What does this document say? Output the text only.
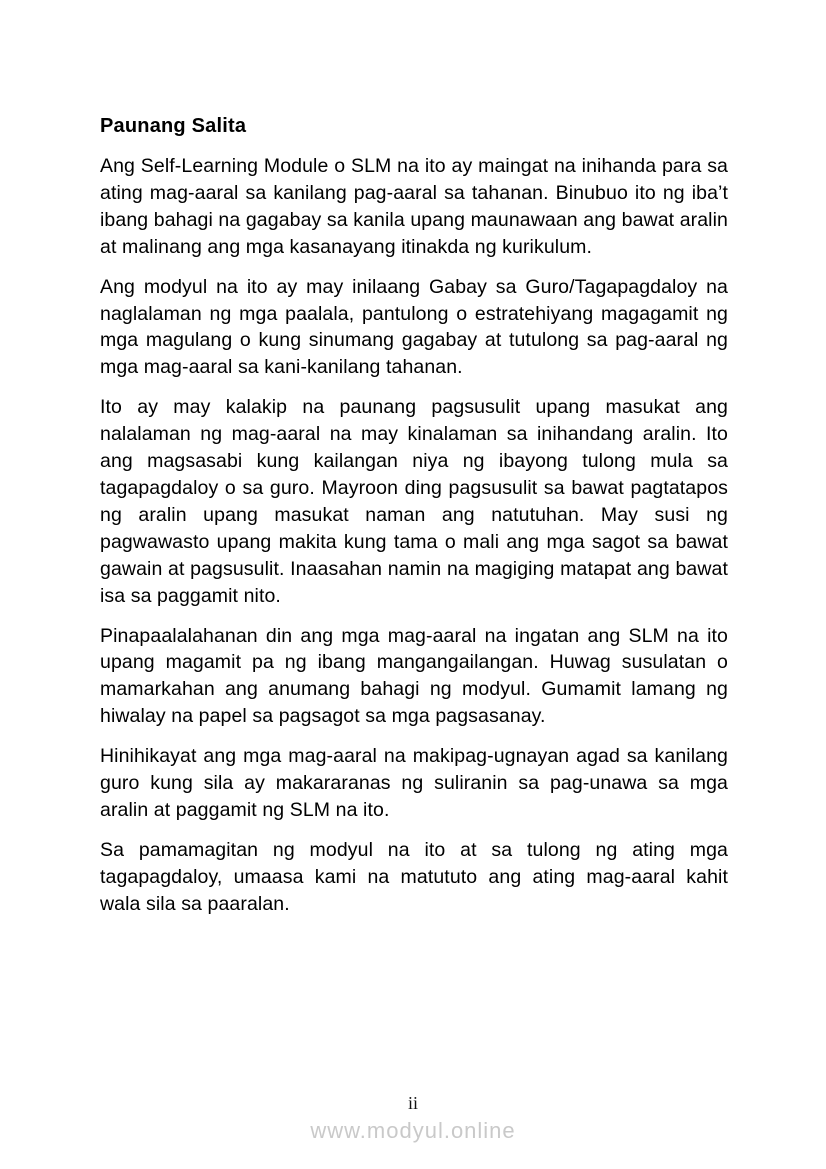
Paunang Salita

Ang Self-Learning Module o SLM na ito ay maingat na inihanda para sa ating mag-aaral sa kanilang pag-aaral sa tahanan. Binubuo ito ng iba’t ibang bahagi na gagabay sa kanila upang maunawaan ang bawat aralin at malinang ang mga kasanayang itinakda ng kurikulum.

Ang modyul na ito ay may inilaang Gabay sa Guro/Tagapagdaloy na naglalaman ng mga paalala, pantulong o estratehiyang magagamit ng mga magulang o kung sinumang gagabay at tutulong sa pag-aaral ng mga mag-aaral sa kani-kanilang tahanan.

Ito ay may kalakip na paunang pagsusulit upang masukat ang nalalaman ng mag-aaral na may kinalaman sa inihandang aralin. Ito ang magsasabi kung kailangan niya ng ibayong tulong mula sa tagapagdaloy o sa guro. Mayroon ding pagsusulit sa bawat pagtatapos ng aralin upang masukat naman ang natutuhan. May susi ng pagwawasto upang makita kung tama o mali ang mga sagot sa bawat gawain at pagsusulit. Inaasahan namin na magiging matapat ang bawat isa sa paggamit nito.

Pinapaalalahanan din ang mga mag-aaral na ingatan ang SLM na ito upang magamit pa ng ibang mangangailangan. Huwag susulatan o mamarkahan ang anumang bahagi ng modyul. Gumamit lamang ng hiwalay na papel sa pagsagot sa mga pagsasanay.

Hinihikayat ang mga mag-aaral na makipag-ugnayan agad sa kanilang guro kung sila ay makararanas ng suliranin sa pag-unawa sa mga aralin at paggamit ng SLM na ito.

Sa pamamagitan ng modyul na ito at sa tulong ng ating mga tagapagdaloy, umaasa kami na matututo ang ating mag-aaral kahit wala sila sa paaralan.

ii
www.modyul.online
